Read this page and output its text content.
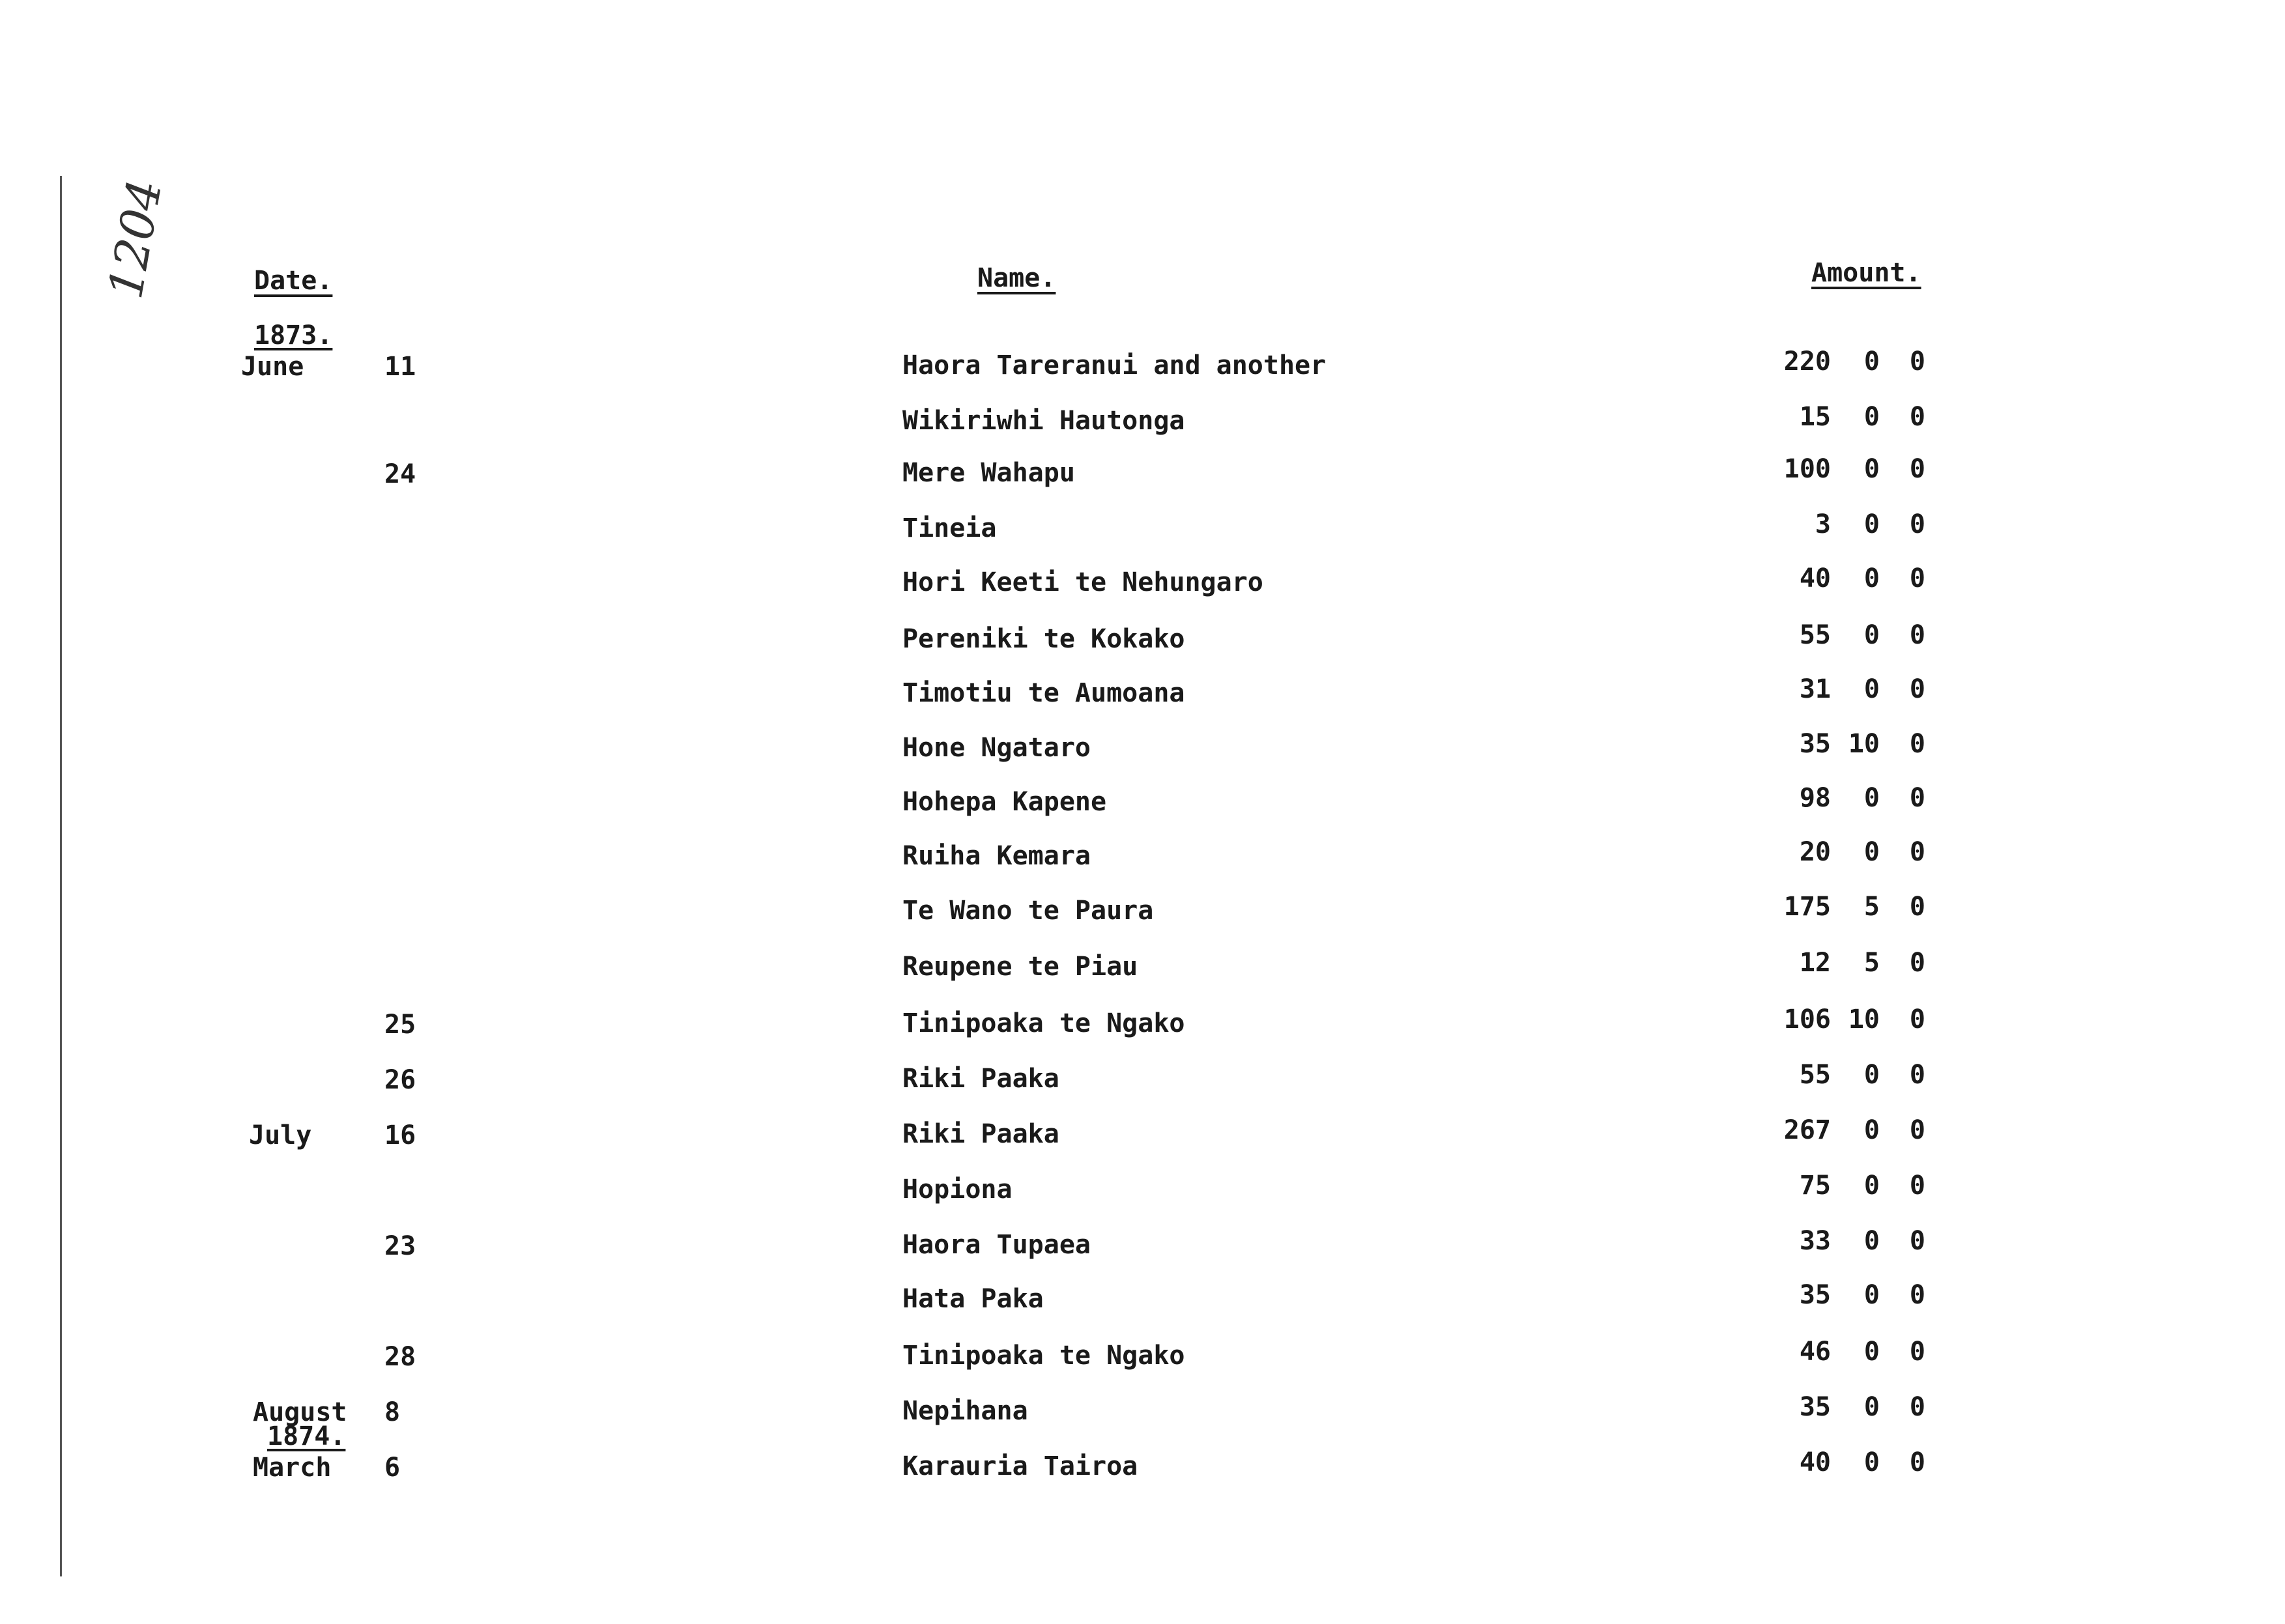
1204	Date.	Name.	Amount.
1873.
June	11	Haora Tareranui and another	220 0 0
Wikiriwhi Hautonga	15 0 0
24	Mere Wahapu	100 0 0
Tineia	3 0 0
Hori Keeti te Nehungaro	40 0 0
Pereniki te Kokako	55 0 0
Timotiu te Aumoana	31 0 0
Hone Ngataro	35 10 0
Hohepa Kapene	98 0 0
Ruiha Kemara	20 0 0
Te Wano te Paura	175 5 0
Reupene te Piau	12 5 0
25	Tinipoaka te Ngako	106 10 0
26	Riki Paaka	55 0 0
July	16	Riki Paaka	267 0 0
Hopiona	75 0 0
23	Haora Tupaea	33 0 0
Hata Paka	35 0 0
28	Tinipoaka te Ngako	46 0 0
August 8	Nepihana	35 0 0
1874.
March 6	Karauria Tairoa	40 0 0
